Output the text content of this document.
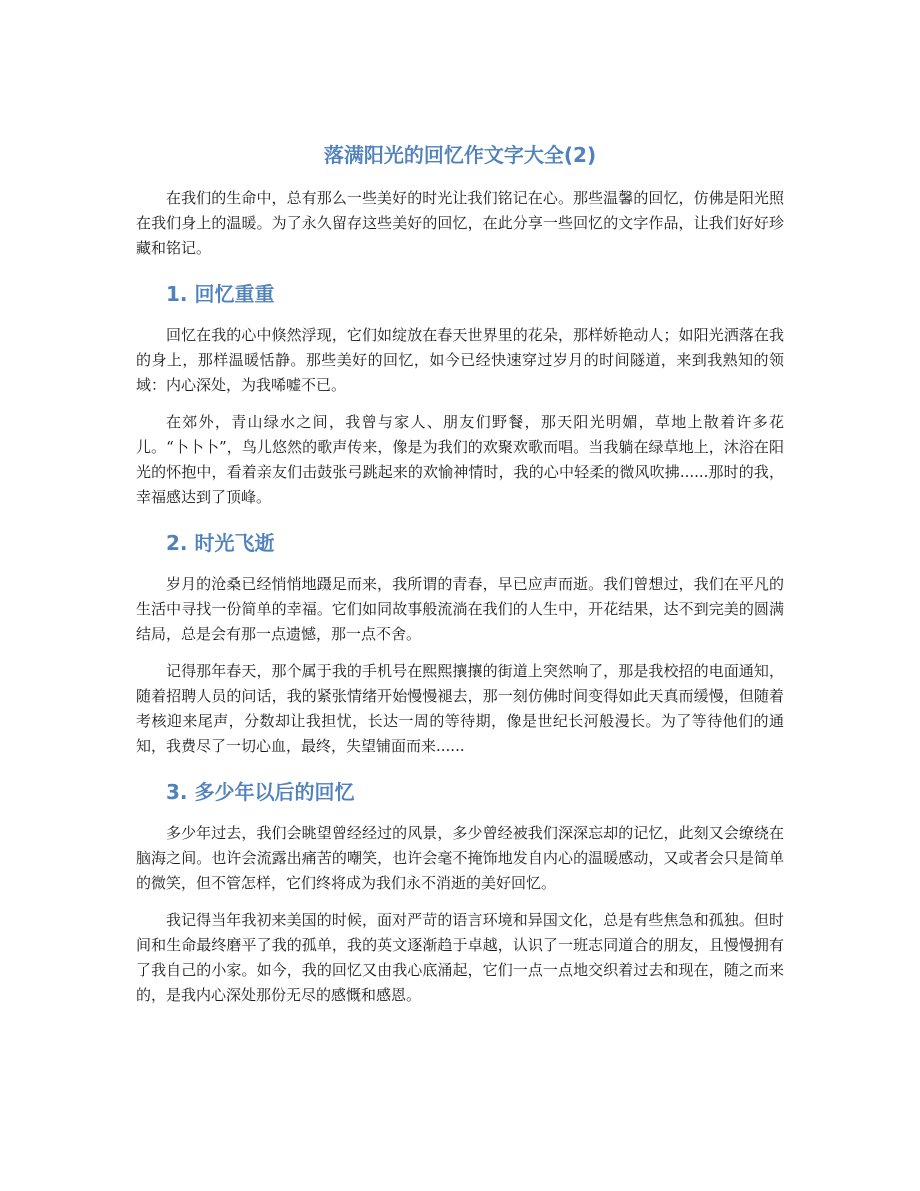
落满阳光的回忆作文字大全(2)

在我们的生命中，总有那么一些美好的时光让我们铭记在心。那些温馨的回忆，仿佛是阳光照在我们身上的温暖。为了永久留存这些美好的回忆，在此分享一些回忆的文字作品，让我们好好珍藏和铭记。

1. 回忆重重

回忆在我的心中倏然浮现，它们如绽放在春天世界里的花朵，那样娇艳动人；如阳光洒落在我的身上，那样温暖恬静。那些美好的回忆，如今已经快速穿过岁月的时间隧道，来到我熟知的领域：内心深处，为我唏嘘不已。

在郊外，青山绿水之间，我曾与家人、朋友们野餐，那天阳光明媚，草地上散着许多花儿。“卜卜卜”，鸟儿悠然的歌声传来，像是为我们的欢聚欢歌而唱。当我躺在绿草地上，沐浴在阳光的怀抱中，看着亲友们击鼓张弓跳起来的欢愉神情时，我的心中轻柔的微风吹拂......那时的我，幸福感达到了顶峰。

2. 时光飞逝

岁月的沧桑已经悄悄地蹑足而来，我所谓的青春，早已应声而逝。我们曾想过，我们在平凡的生活中寻找一份简单的幸福。它们如同故事般流淌在我们的人生中，开花结果，达不到完美的圆满结局，总是会有那一点遗憾，那一点不舍。

记得那年春天，那个属于我的手机号在熙熙攘攘的街道上突然响了，那是我校招的电面通知，随着招聘人员的问话，我的紧张情绪开始慢慢褪去，那一刻仿佛时间变得如此天真而缓慢，但随着考核迎来尾声，分数却让我担忧，长达一周的等待期，像是世纪长河般漫长。为了等待他们的通知，我费尽了一切心血，最终，失望铺面而来......

3. 多少年以后的回忆

多少年过去，我们会眺望曾经经过的风景，多少曾经被我们深深忘却的记忆，此刻又会缭绕在脑海之间。也许会流露出痛苦的嘲笑，也许会毫不掩饰地发自内心的温暖感动，又或者会只是简单的微笑，但不管怎样，它们终将成为我们永不消逝的美好回忆。

我记得当年我初来美国的时候，面对严苛的语言环境和异国文化，总是有些焦急和孤独。但时间和生命最终磨平了我的孤单，我的英文逐渐趋于卓越，认识了一班志同道合的朋友，且慢慢拥有了我自己的小家。如今，我的回忆又由我心底涌起，它们一点一点地交织着过去和现在，随之而来的，是我内心深处那份无尽的感慨和感恩。
